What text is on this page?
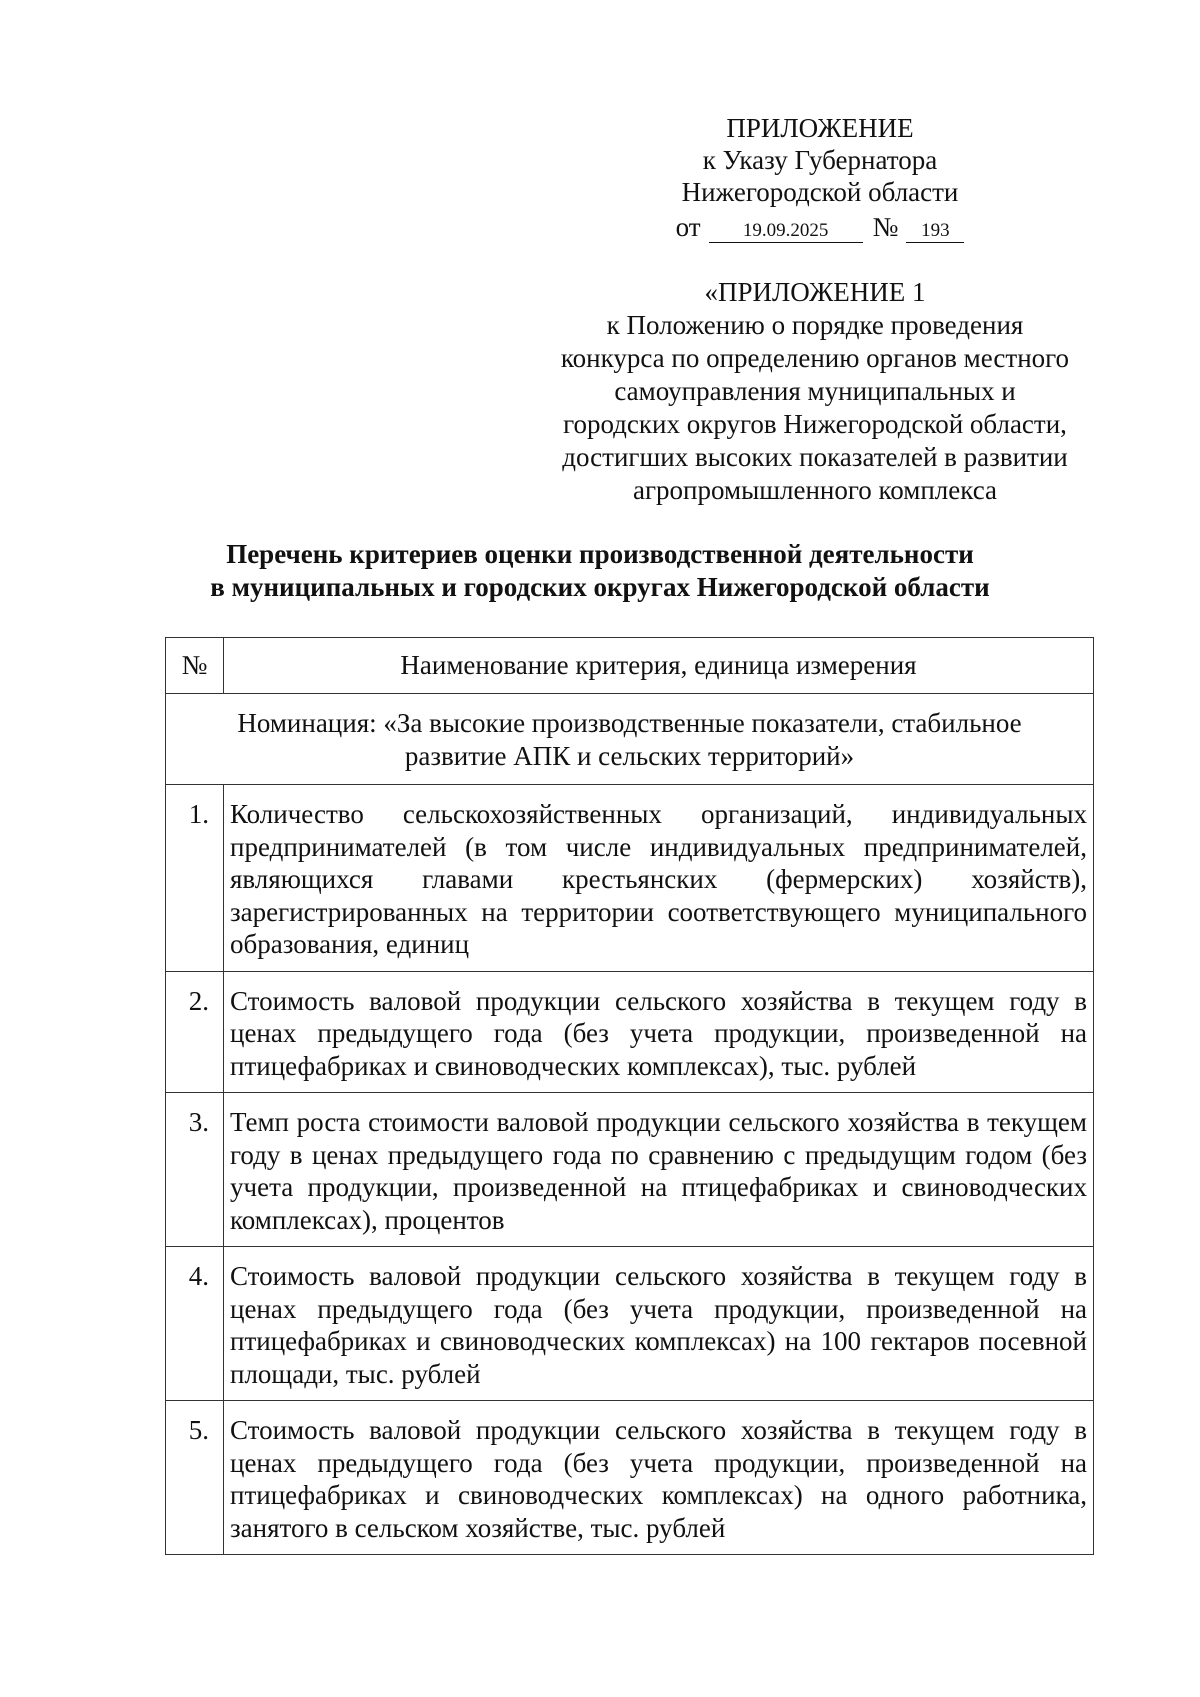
ПРИЛОЖЕНИЕ
к Указу Губернатора
Нижегородской области
от 19.09.2025 № 193
«ПРИЛОЖЕНИЕ 1
к Положению о порядке проведения
конкурса по определению органов местного
самоуправления муниципальных и
городских округов Нижегородской области,
достигших высоких показателей в развитии
агропромышленного комплекса
Перечень критериев оценки производственной деятельности
в муниципальных и городских округах Нижегородской области
№	Наименование критерия, единица измерения
Номинация: «За высокие производственные показатели, стабильное развитие АПК и сельских территорий»	
1.	Количество сельскохозяйственных организаций, индивидуальных предпринимателей (в том числе индивидуальных предпринимателей, являющихся главами крестьянских (фермерских) хозяйств), зарегистрированных на территории соответствующего муниципального образования, единиц
2.	Стоимость валовой продукции сельского хозяйства в текущем году в ценах предыдущего года (без учета продукции, произведенной на птицефабриках и свиноводческих комплексах), тыс. рублей
3.	Темп роста стоимости валовой продукции сельского хозяйства в текущем году в ценах предыдущего года по сравнению с предыдущим годом (без учета продукции, произведенной на птицефабриках и свиноводческих комплексах), процентов
4.	Стоимость валовой продукции сельского хозяйства в текущем году в ценах предыдущего года (без учета продукции, произведенной на птицефабриках и свиноводческих комплексах) на 100 гектаров посевной площади, тыс. рублей
5.	Стоимость валовой продукции сельского хозяйства в текущем году в ценах предыдущего года (без учета продукции, произведенной на птицефабриках и свиноводческих комплексах) на одного работника, занятого в сельском хозяйстве, тыс. рублей
